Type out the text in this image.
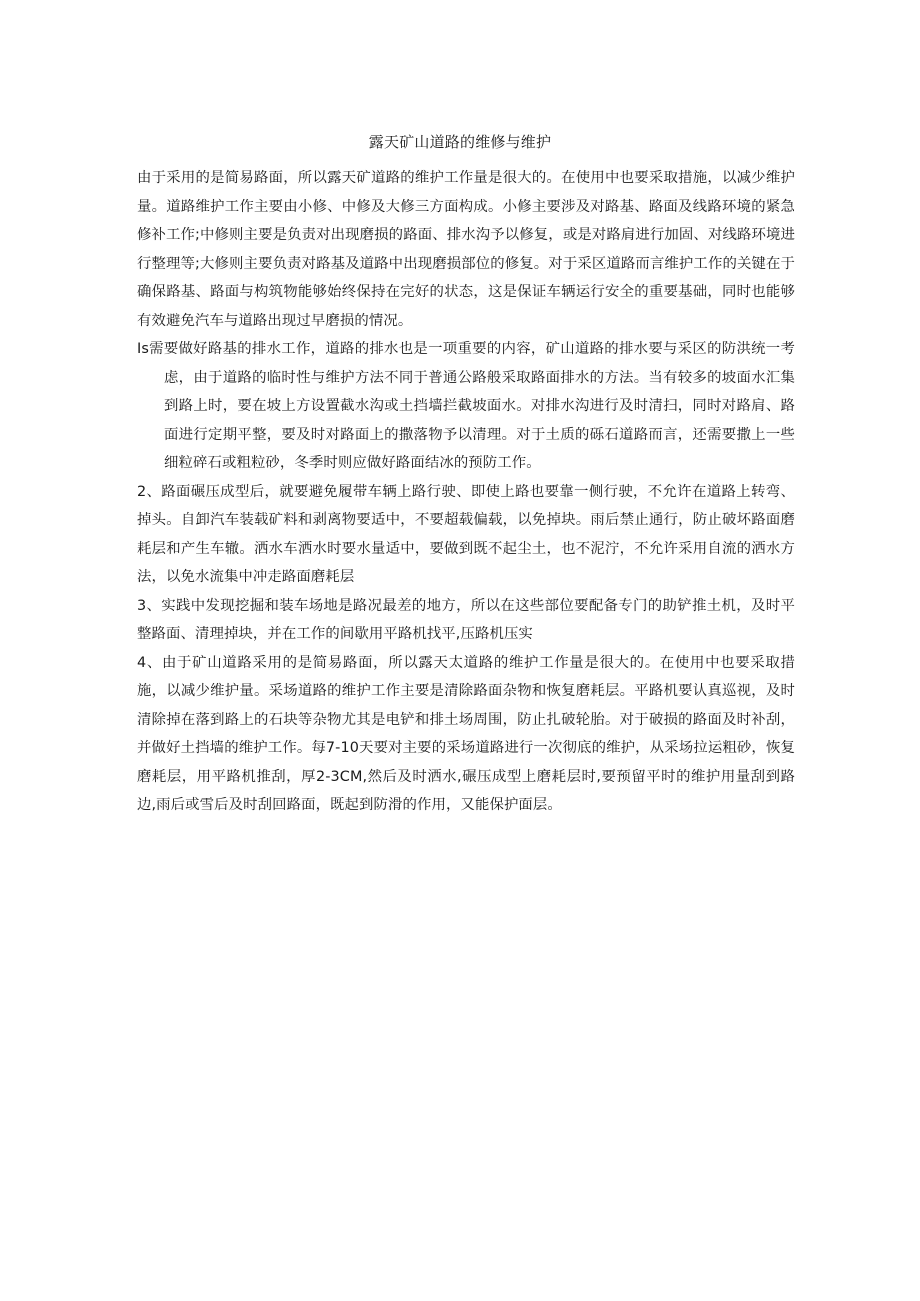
露天矿山道路的维修与维护

由于采用的是简易路面，所以露天矿道路的维护工作量是很大的。在使用中也要采取措施，以减少维护量。道路维护工作主要由小修、中修及大修三方面构成。小修主要涉及对路基、路面及线路环境的紧急修补工作;中修则主要是负责对出现磨损的路面、排水沟予以修复，或是对路肩进行加固、对线路环境进行整理等;大修则主要负责对路基及道路中出现磨损部位的修复。对于采区道路而言维护工作的关键在于确保路基、路面与构筑物能够始终保持在完好的状态，这是保证车辆运行安全的重要基础，同时也能够有效避免汽车与道路出现过早磨损的情况。

Is需要做好路基的排水工作，道路的排水也是一项重要的内容，矿山道路的排水要与采区的防洪统一考虑，由于道路的临时性与维护方法不同于普通公路般采取路面排水的方法。当有较多的坡面水汇集到路上时，要在坡上方设置截水沟或土挡墙拦截坡面水。对排水沟进行及时清扫，同时对路肩、路面进行定期平整，要及时对路面上的撒落物予以清理。对于土质的砾石道路而言，还需要撒上一些细粒碎石或粗粒砂，冬季时则应做好路面结冰的预防工作。

2、路面碾压成型后，就要避免履带车辆上路行驶、即使上路也要靠一侧行驶，不允许在道路上转弯、掉头。自卸汽车装载矿料和剥离物要适中，不要超载偏载，以免掉块。雨后禁止通行，防止破坏路面磨耗层和产生车辙。洒水车洒水时要水量适中，要做到既不起尘土，也不泥泞，不允许采用自流的洒水方法，以免水流集中冲走路面磨耗层

3、实践中发现挖掘和装车场地是路况最差的地方，所以在这些部位要配备专门的助铲推土机，及时平整路面、清理掉块，并在工作的间歇用平路机找平,压路机压实

4、由于矿山道路采用的是简易路面，所以露天太道路的维护工作量是很大的。在使用中也要采取措施，以减少维护量。采场道路的维护工作主要是清除路面杂物和恢复磨耗层。平路机要认真巡视，及时清除掉在落到路上的石块等杂物尤其是电铲和排土场周围，防止扎破轮胎。对于破损的路面及时补刮，并做好土挡墙的维护工作。每7-10天要对主要的采场道路进行一次彻底的维护，从采场拉运粗砂，恢复磨耗层，用平路机推刮，厚2-3CM,然后及时洒水,碾压成型上磨耗层时,要预留平时的维护用量刮到路边,雨后或雪后及时刮回路面，既起到防滑的作用，又能保护面层。
